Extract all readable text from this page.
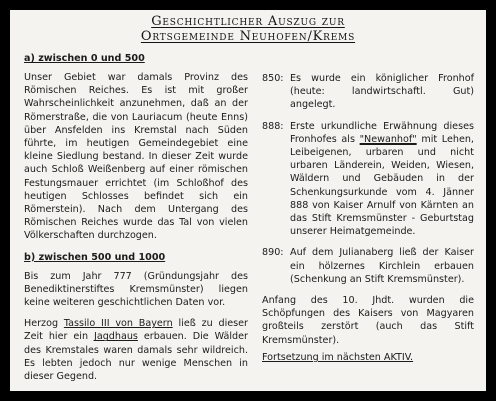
Geschichtlicher Auszug zur
Ortsgemeinde Neuhofen/Krems
a) zwischen 0 und 500

Unser Gebiet war damals Provinz des Römischen Reiches. Es ist mit großer Wahrscheinlichkeit anzunehmen, daß an der Römerstraße, die von Lauriacum (heute Enns) über Ansfelden ins Kremstal nach Süden führte, im heutigen Gemeindegebiet eine kleine Siedlung bestand. In dieser Zeit wurde auch Schloß Weißenberg auf einer römischen Festungsmauer errichtet (im Schloßhof des heutigen Schlosses befindet sich ein Römerstein). Nach dem Untergang des Römischen Reiches wurde das Tal von vielen Völkerschaften durchzogen.

b) zwischen 500 und 1000

Bis zum Jahr 777 (Gründungsjahr des Benediktinerstiftes Kremsmünster) liegen keine weiteren geschichtlichen Daten vor.

Herzog Tassilo III von Bayern ließ zu dieser Zeit hier ein Jagdhaus erbauen. Die Wälder des Kremstales waren damals sehr wildreich. Es lebten jedoch nur wenige Menschen in dieser Gegend.

850: Es wurde ein königlicher Fronhof (heute: landwirtschaftl. Gut) angelegt.
888: Erste urkundliche Erwähnung dieses Fronhofes als "Newanhof" mit Lehen, Leibeigenen, urbaren und nicht urbaren Länderein, Weiden, Wiesen, Wäldern und Gebäuden in der Schenkungsurkunde vom 4. Jänner 888 von Kaiser Arnulf von Kärnten an das Stift Kremsmünster - Geburtstag unserer Heimatgemeinde.
890: Auf dem Julianaberg ließ der Kaiser ein hölzernes Kirchlein erbauen (Schenkung an Stift Kremsmünster).

Anfang des 10. Jhdt. wurden die Schöpfungen des Kaisers von Magyaren großteils zerstört (auch das Stift Kremsmünster).

Fortsetzung im nächsten AKTIV.
